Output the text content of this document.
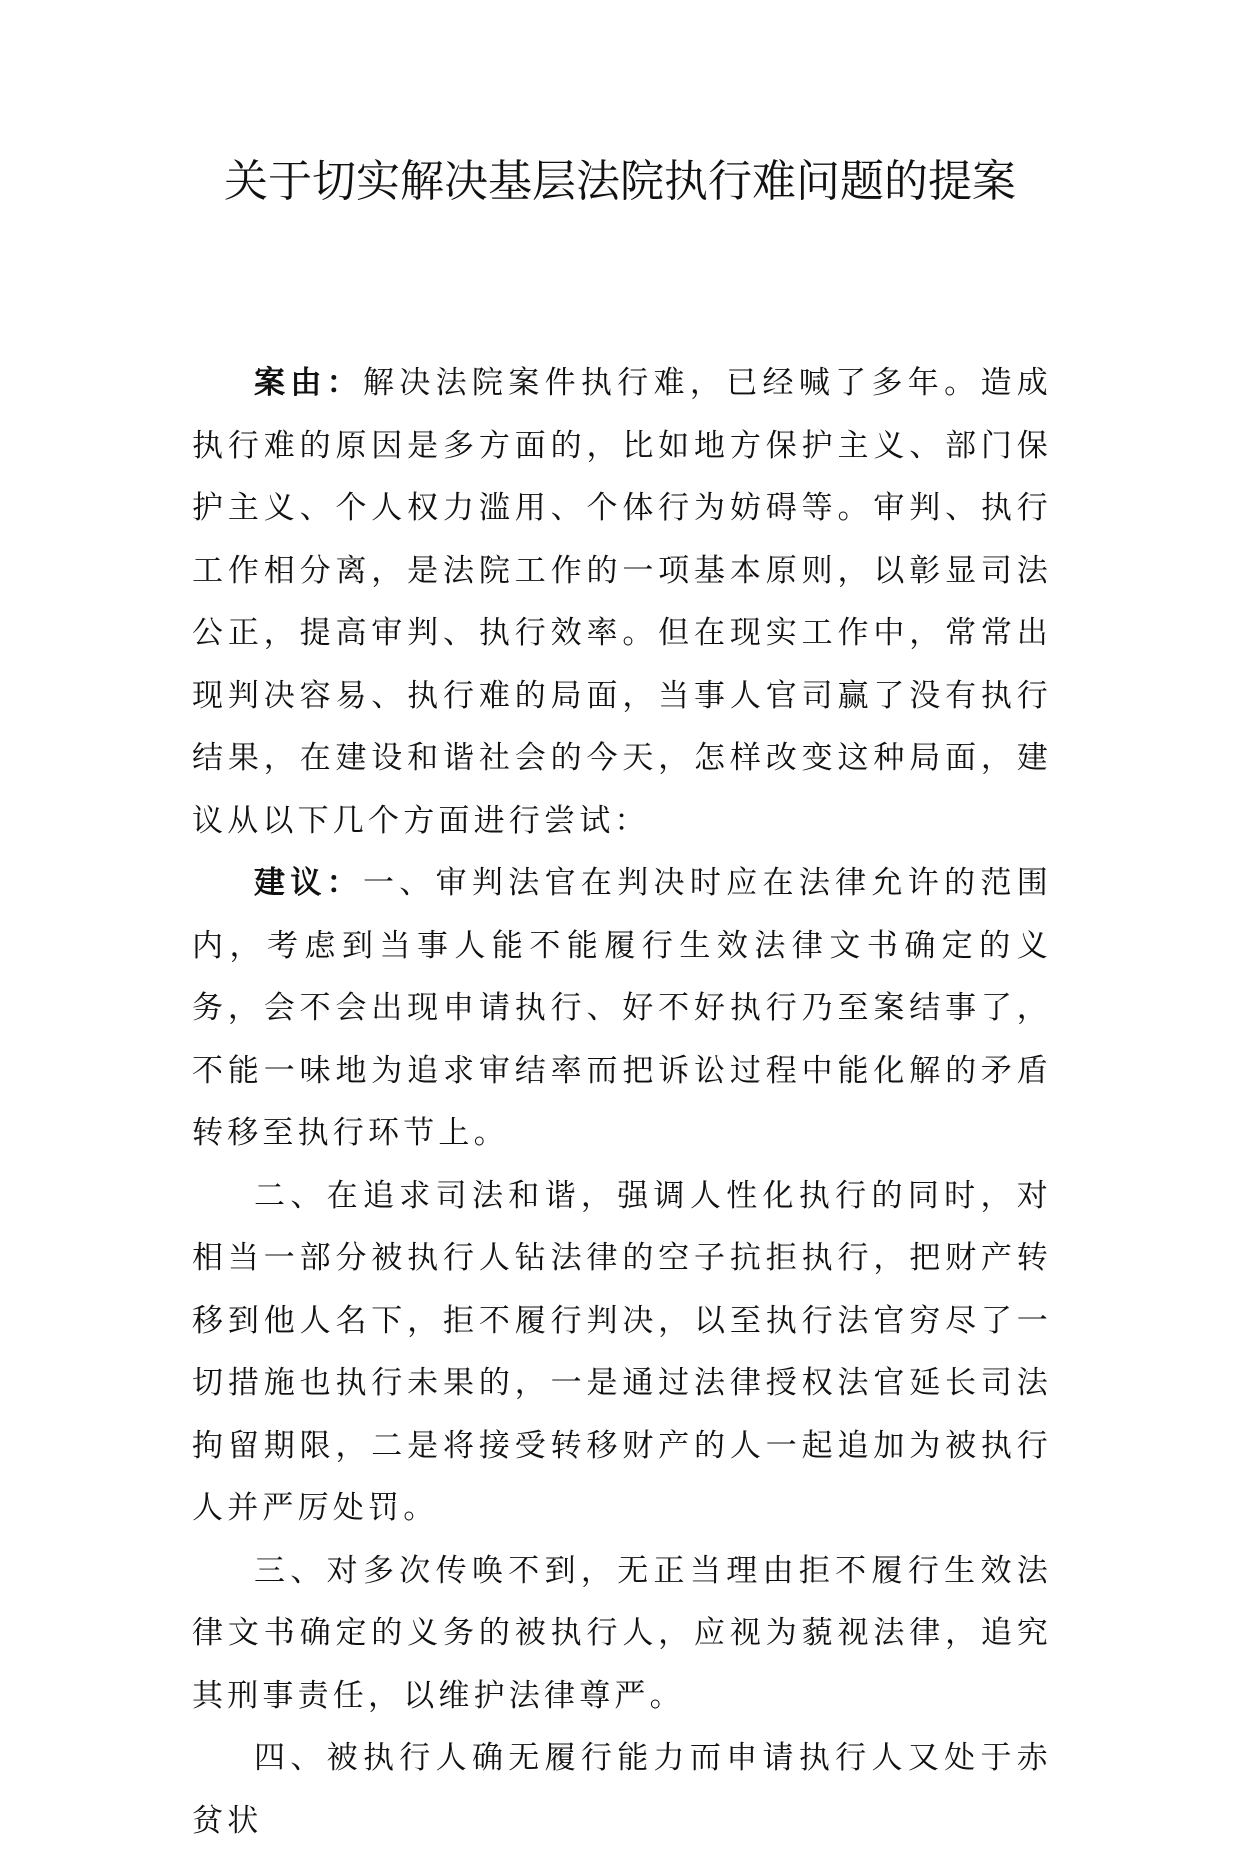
关于切实解决基层法院执行难问题的提案

案由：解决法院案件执行难，已经喊了多年。造成执行难的原因是多方面的，比如地方保护主义、部门保护主义、个人权力滥用、个体行为妨碍等。审判、执行工作相分离，是法院工作的一项基本原则，以彰显司法公正，提高审判、执行效率。但在现实工作中，常常出现判决容易、执行难的局面，当事人官司赢了没有执行结果，在建设和谐社会的今天，怎样改变这种局面，建议从以下几个方面进行尝试：

建议：一、审判法官在判决时应在法律允许的范围内，考虑到当事人能不能履行生效法律文书确定的义务，会不会出现申请执行、好不好执行乃至案结事了，不能一味地为追求审结率而把诉讼过程中能化解的矛盾转移至执行环节上。

二、在追求司法和谐，强调人性化执行的同时，对相当一部分被执行人钻法律的空子抗拒执行，把财产转移到他人名下，拒不履行判决，以至执行法官穷尽了一切措施也执行未果的，一是通过法律授权法官延长司法拘留期限，二是将接受转移财产的人一起追加为被执行人并严厉处罚。

三、对多次传唤不到，无正当理由拒不履行生效法律文书确定的义务的被执行人，应视为藐视法律，追究其刑事责任，以维护法律尊严。

四、被执行人确无履行能力而申请执行人又处于赤贫状
